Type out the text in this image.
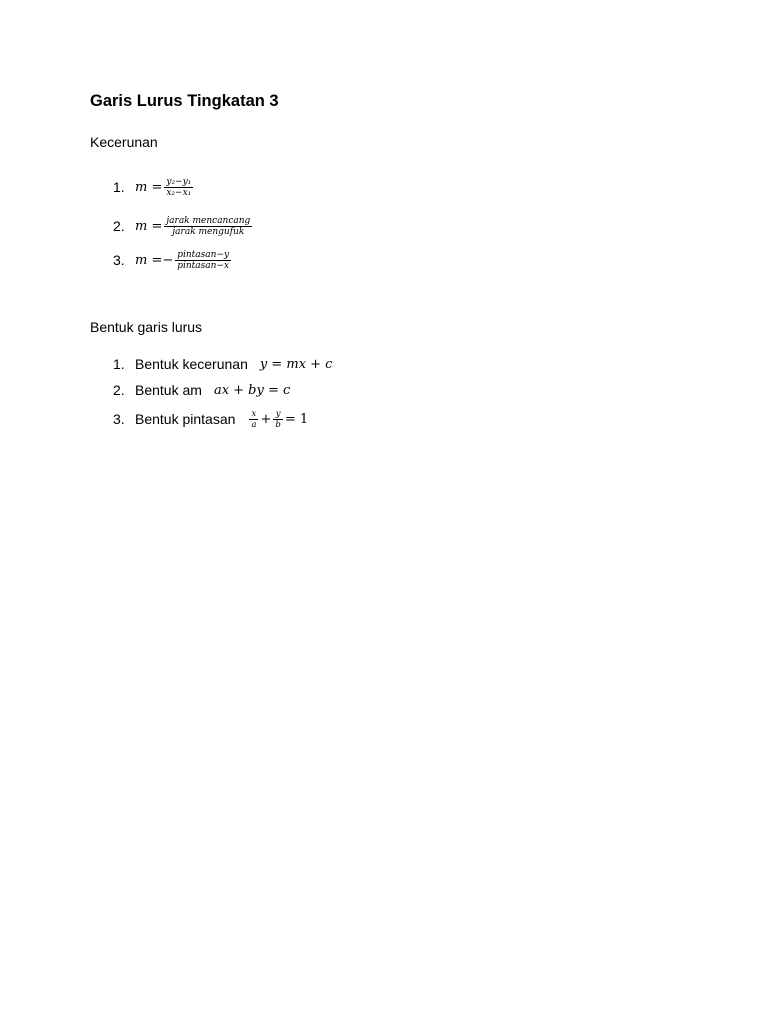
Garis Lurus Tingkatan 3
Kecerunan
1. $m = \frac{\text{y₂−y₁}}{\text{x₂−x₁}}$
2. $m = \frac{\text{jarak mencancang}}{\text{jarak mengufuk}}$
3. $m =- \frac{\text{pintasan−y}}{\text{pintasan−x}}$
Bentuk garis lurus
1. Bentuk kecerunan y = mx + c
2. Bentuk am ax + by = c
3. Bentuk pintasan $\frac{x}{a} + \frac{y}{b} = 1$
